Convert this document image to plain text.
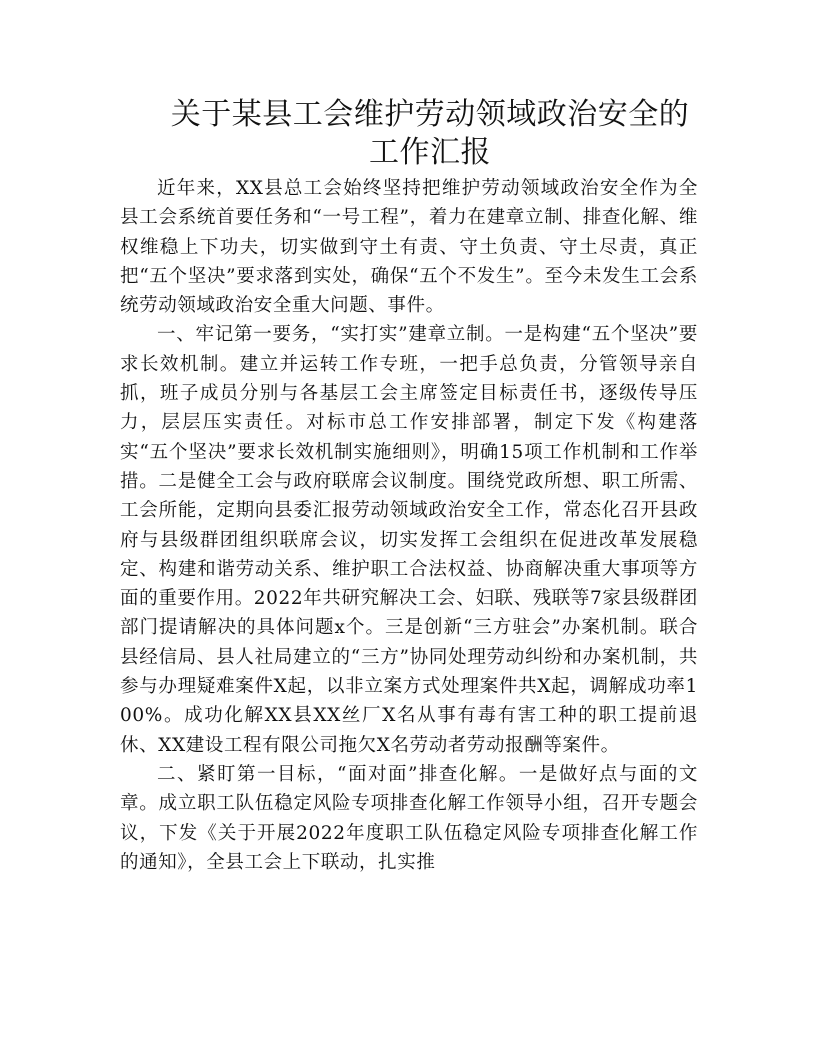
关于某县工会维护劳动领域政治安全的工作汇报

近年来，XX县总工会始终坚持把维护劳动领域政治安全作为全县工会系统首要任务和“一号工程”，着力在建章立制、排查化解、维权维稳上下功夫，切实做到守土有责、守土负责、守土尽责，真正把“五个坚决”要求落到实处，确保“五个不发生”。至今未发生工会系统劳动领域政治安全重大问题、事件。

一、牢记第一要务，“实打实”建章立制。一是构建“五个坚决”要求长效机制。建立并运转工作专班，一把手总负责，分管领导亲自抓，班子成员分别与各基层工会主席签定目标责任书，逐级传导压力，层层压实责任。对标市总工作安排部署，制定下发《构建落实“五个坚决”要求长效机制实施细则》，明确15项工作机制和工作举措。二是健全工会与政府联席会议制度。围绕党政所想、职工所需、工会所能，定期向县委汇报劳动领域政治安全工作，常态化召开县政府与县级群团组织联席会议，切实发挥工会组织在促进改革发展稳定、构建和谐劳动关系、维护职工合法权益、协商解决重大事项等方面的重要作用。2022年共研究解决工会、妇联、残联等7家县级群团部门提请解决的具体问题x个。三是创新“三方驻会”办案机制。联合县经信局、县人社局建立的“三方”协同处理劳动纠纷和办案机制，共参与办理疑难案件X起，以非立案方式处理案件共X起，调解成功率100%。成功化解XX县XX丝厂X名从事有毒有害工种的职工提前退休、XX建设工程有限公司拖欠X名劳动者劳动报酬等案件。

二、紧盯第一目标，“面对面”排查化解。一是做好点与面的文章。成立职工队伍稳定风险专项排查化解工作领导小组，召开专题会议，下发《关于开展2022年度职工队伍稳定风险专项排查化解工作的通知》，全县工会上下联动，扎实推
